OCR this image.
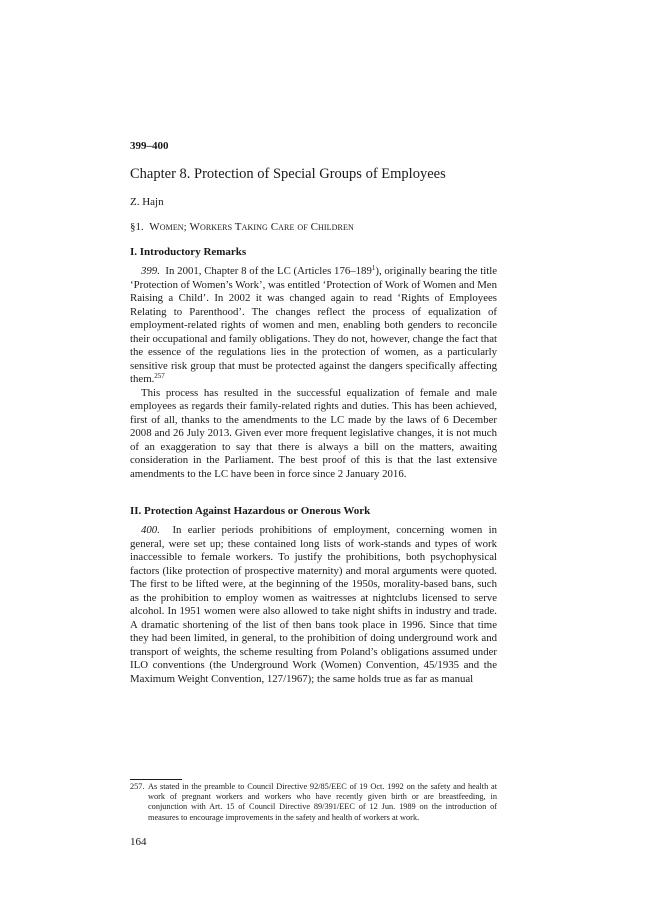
399–400

Chapter 8. Protection of Special Groups of Employees

Z. Hajn

§1. Women; Workers Taking Care of Children

I. Introductory Remarks

399. In 2001, Chapter 8 of the LC (Articles $176-189^1$), originally bearing the title ‘Protection of Women’s Work’, was entitled ‘Protection of Work of Women and Men Raising a Child’. In 2002 it was changed again to read ‘Rights of Employees Relating to Parenthood’. The changes reflect the process of equalization of employment-related rights of women and men, enabling both genders to reconcile their occupational and family obligations. They do not, however, change the fact that the essence of the regulations lies in the protection of women, as a particularly sensitive risk group that must be protected against the dangers specifically affecting them.$^{257}$

This process has resulted in the successful equalization of female and male employees as regards their family-related rights and duties. This has been achieved, first of all, thanks to the amendments to the LC made by the laws of 6 December 2008 and 26 July 2013. Given ever more frequent legislative changes, it is not much of an exaggeration to say that there is always a bill on the matters, awaiting consideration in the Parliament. The best proof of this is that the last extensive amendments to the LC have been in force since 2 January 2016.

II. Protection Against Hazardous or Onerous Work

400. In earlier periods prohibitions of employment, concerning women in general, were set up; these contained long lists of work-stands and types of work inaccessible to female workers. To justify the prohibitions, both psychophysical factors (like protection of prospective maternity) and moral arguments were quoted. The first to be lifted were, at the beginning of the 1950s, morality-based bans, such as the prohibition to employ women as waitresses at nightclubs licensed to serve alcohol. In 1951 women were also allowed to take night shifts in industry and trade. A dramatic shortening of the list of then bans took place in 1996. Since that time they had been limited, in general, to the prohibition of doing underground work and transport of weights, the scheme resulting from Poland’s obligations assumed under ILO conventions (the Underground Work (Women) Convention, 45/1935 and the Maximum Weight Convention, 127/1967); the same holds true as far as manual

257. As stated in the preamble to Council Directive 92/85/EEC of 19 Oct. 1992 on the safety and health at work of pregnant workers and workers who have recently given birth or are breastfeeding, in conjunction with Art. 15 of Council Directive 89/391/EEC of 12 Jun. 1989 on the introduction of measures to encourage improvements in the safety and health of workers at work.

164
